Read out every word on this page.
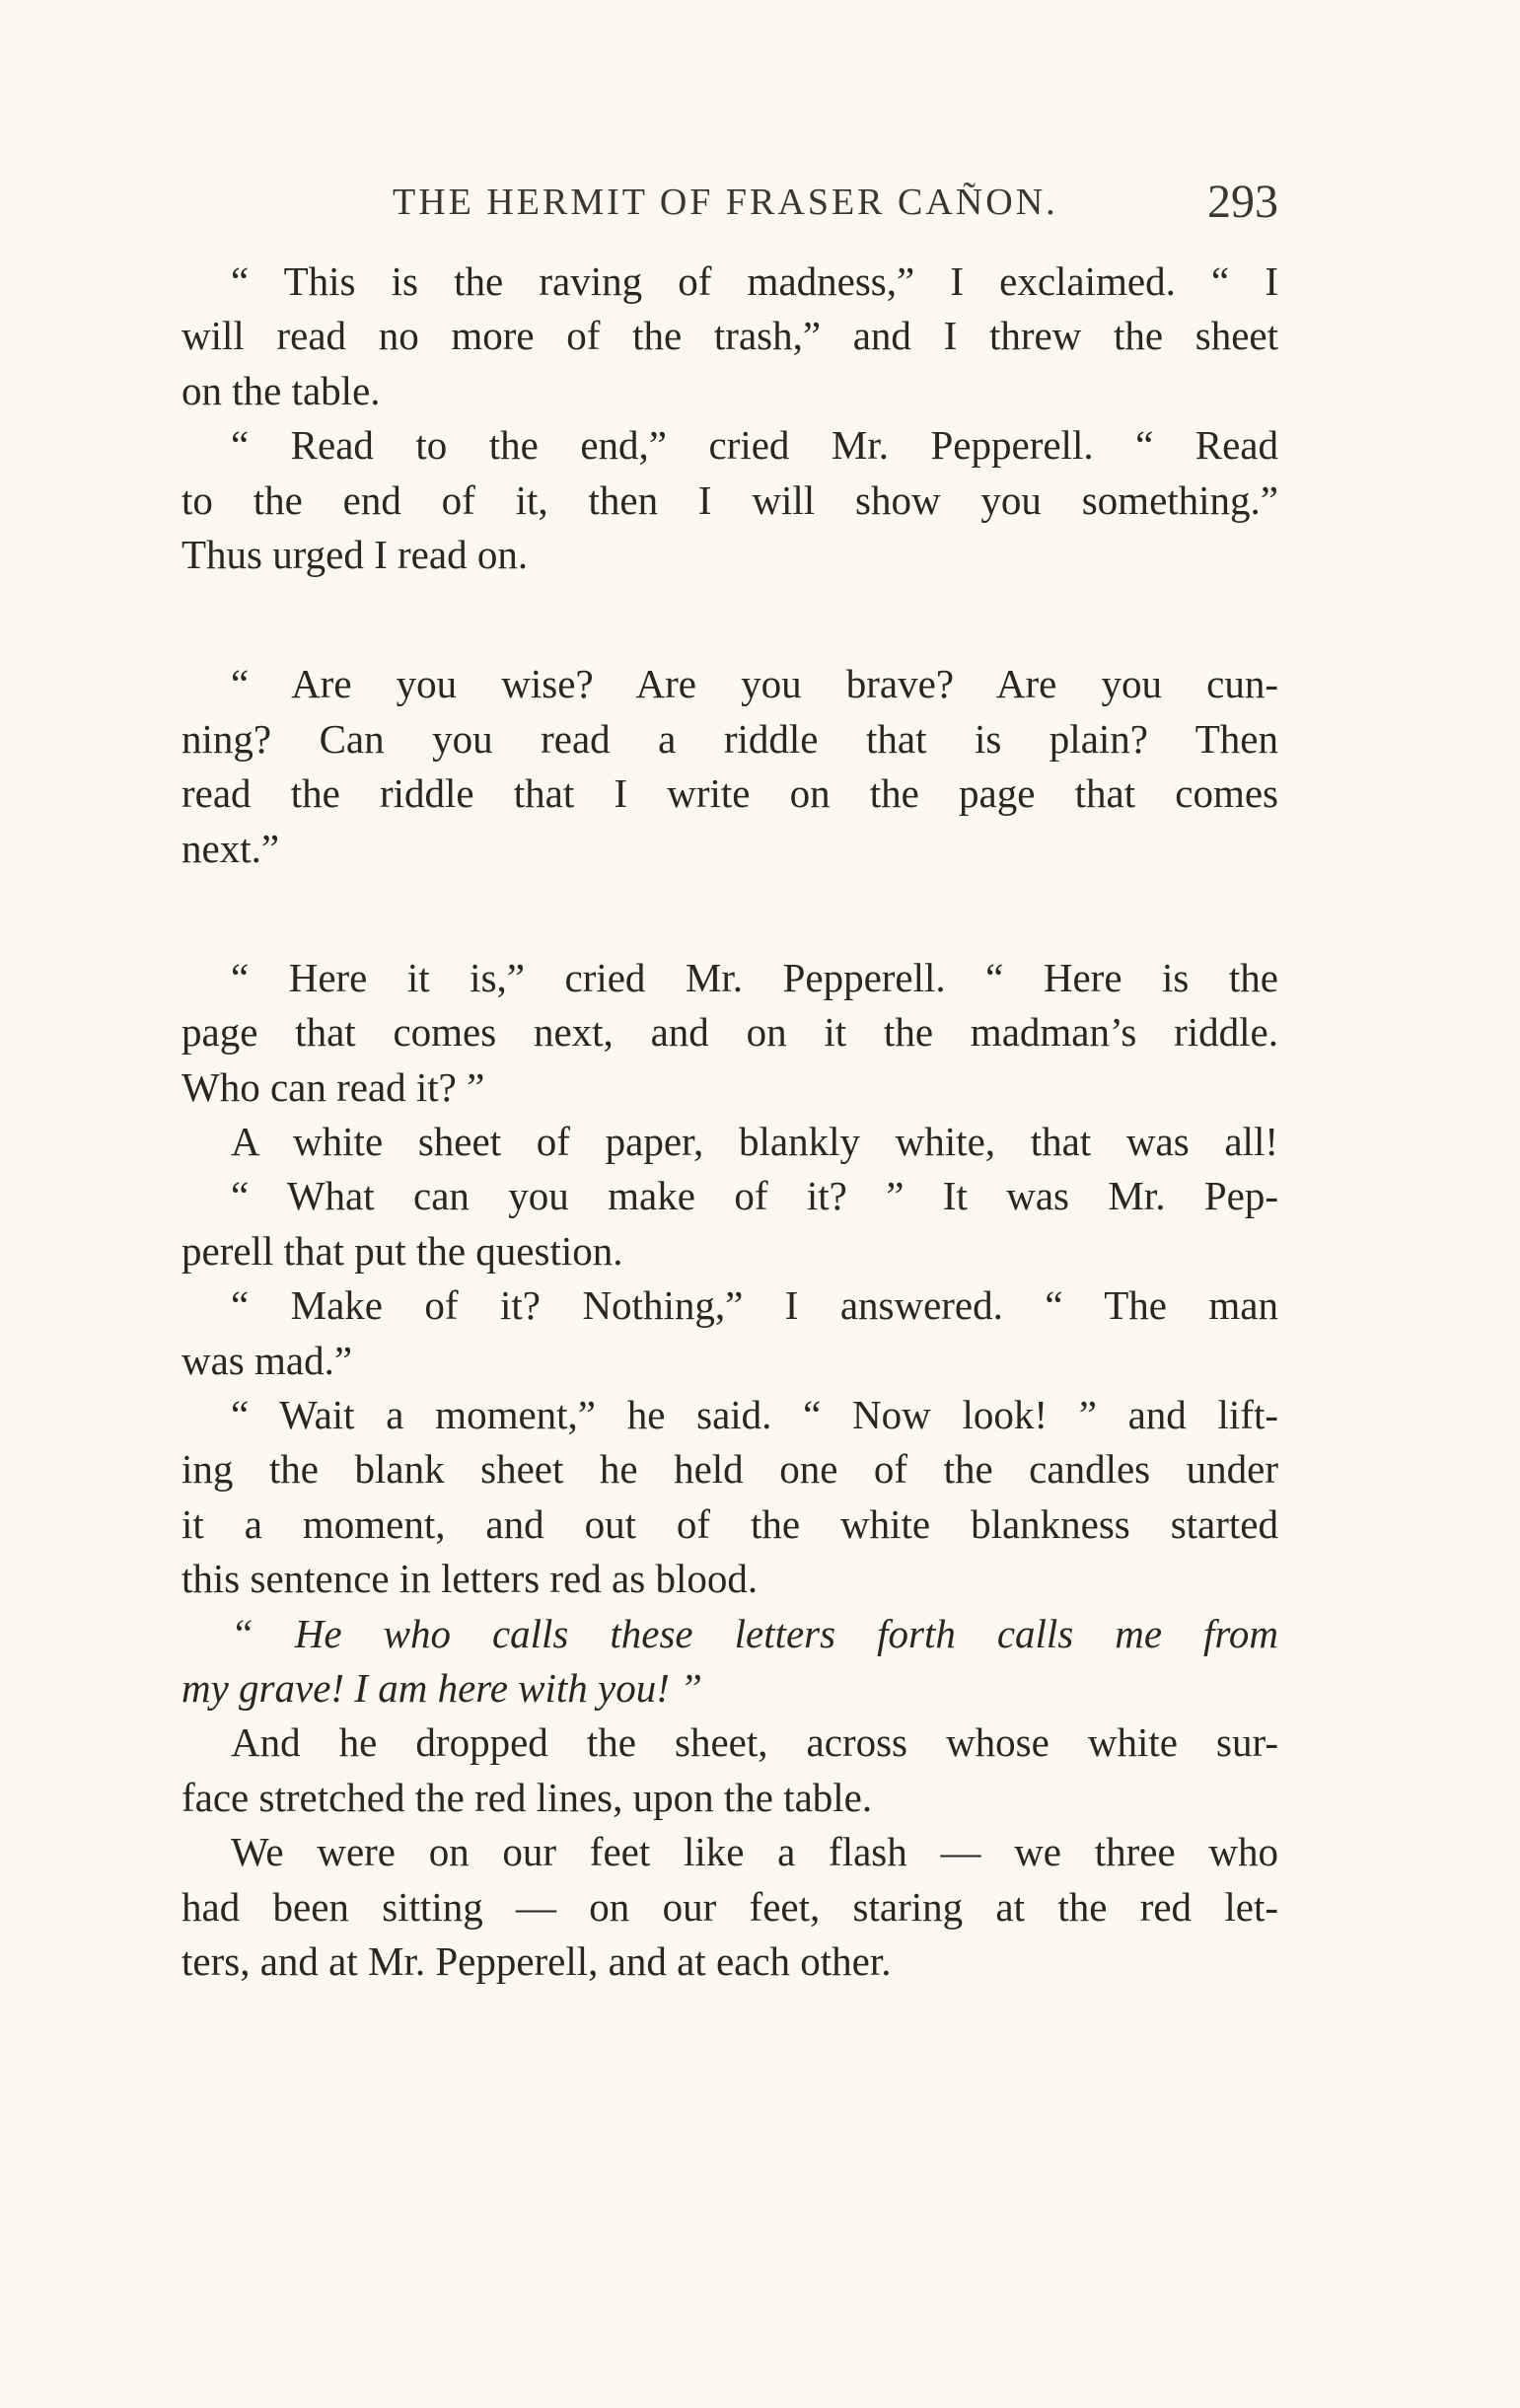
THE HERMIT OF FRASER CAÑON.	293
“ This is the raving of madness,” I exclaimed. “ I
will read no more of the trash,” and I threw the sheet
on the table.
“ Read to the end,” cried Mr. Pepperell. “ Read
to the end of it, then I will show you something.”
Thus urged I read on.
“ Are you wise? Are you brave? Are you cun-
ning? Can you read a riddle that is plain? Then
read the riddle that I write on the page that comes
next.”
“ Here it is,” cried Mr. Pepperell. “ Here is the
page that comes next, and on it the madman’s riddle.
Who can read it? ”
A white sheet of paper, blankly white, that was all!
“ What can you make of it? ” It was Mr. Pep-
perell that put the question.
“ Make of it? Nothing,” I answered. “ The man
was mad.”
“ Wait a moment,” he said. “ Now look! ” and lift-
ing the blank sheet he held one of the candles under
it a moment, and out of the white blankness started
this sentence in letters red as blood.
“ He who calls these letters forth calls me from
my grave! I am here with you! ”
And he dropped the sheet, across whose white sur-
face stretched the red lines, upon the table.
We were on our feet like a flash — we three who
had been sitting — on our feet, staring at the red let-
ters, and at Mr. Pepperell, and at each other.
